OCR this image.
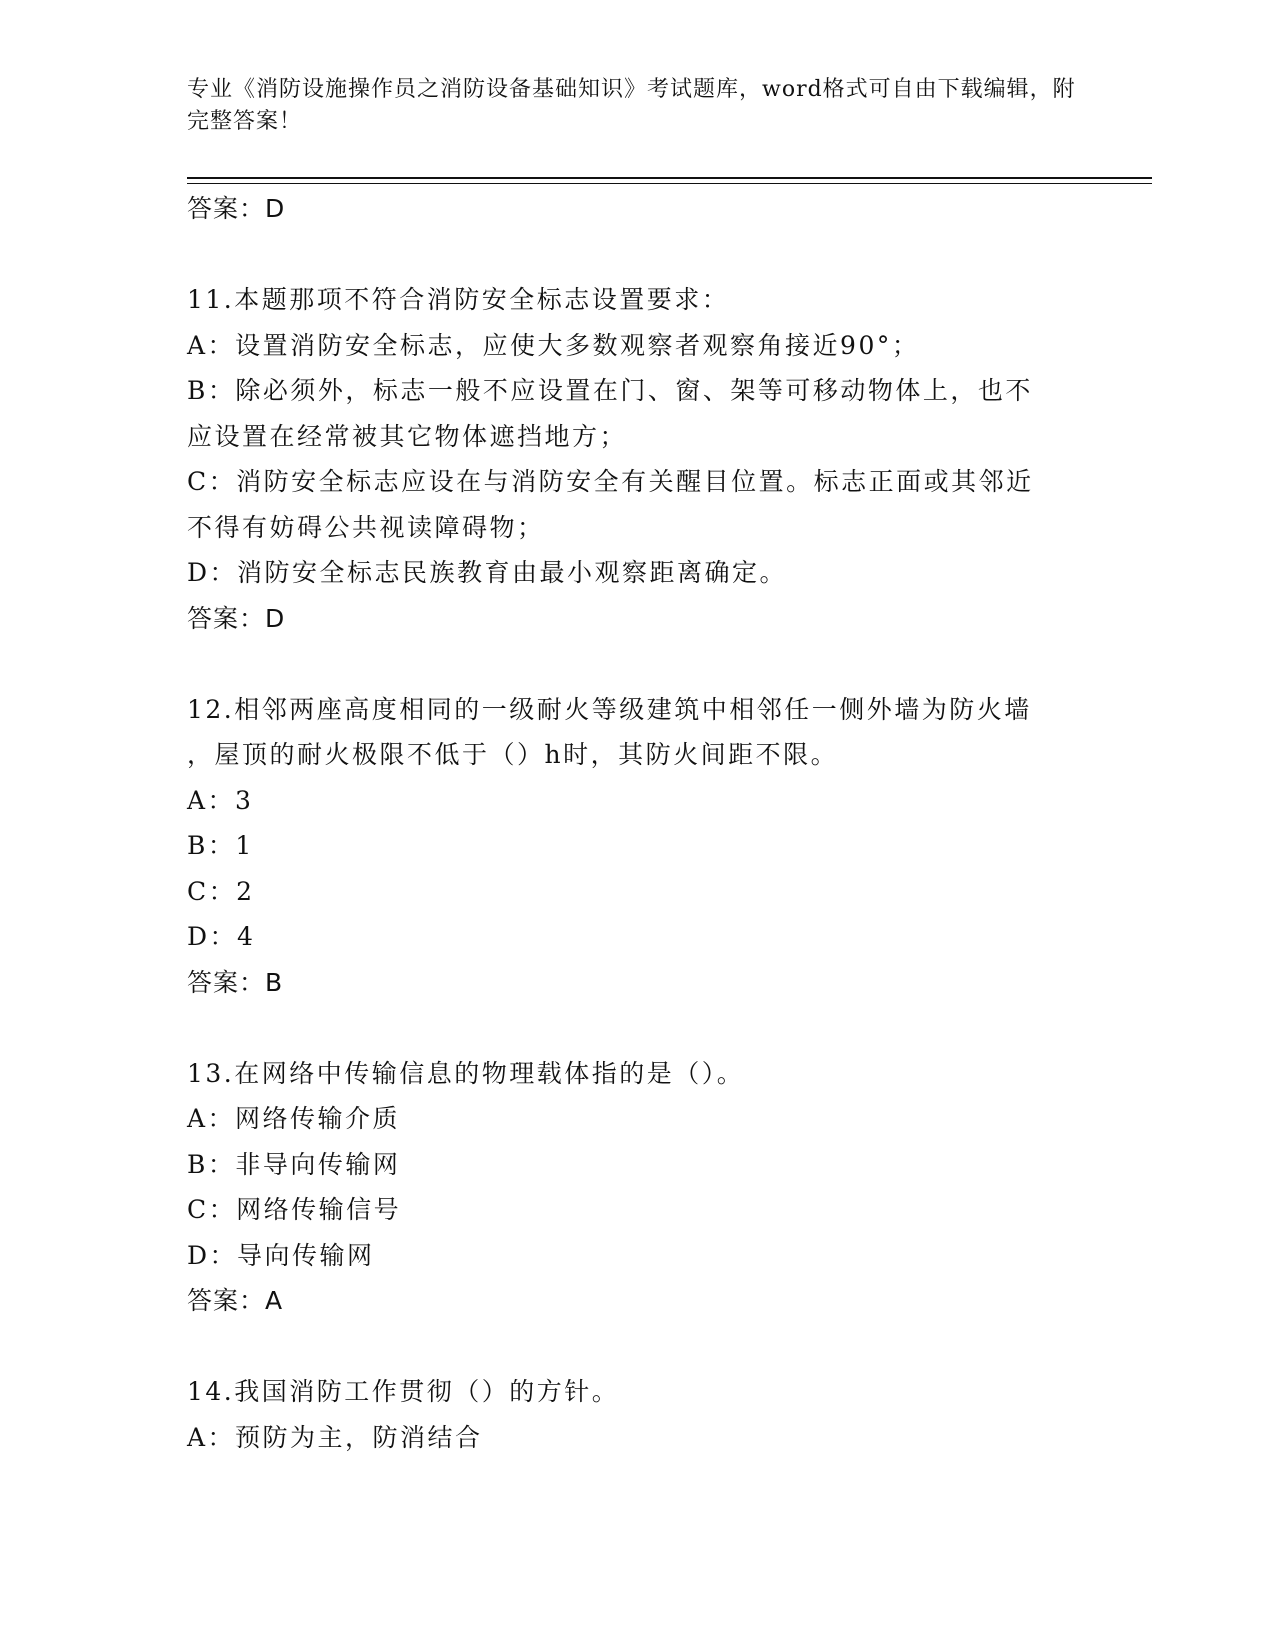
专业《消防设施操作员之消防设备基础知识》考试题库，word格式可自由下载编辑，附完整答案！
答案：D
11.本题那项不符合消防安全标志设置要求：
A：设置消防安全标志，应使大多数观察者观察角接近90°；
B：除必须外，标志一般不应设置在门、窗、架等可移动物体上，也不
应设置在经常被其它物体遮挡地方；
C：消防安全标志应设在与消防安全有关醒目位置。标志正面或其邻近
不得有妨碍公共视读障碍物；
D：消防安全标志民族教育由最小观察距离确定。
答案：D
12.相邻两座高度相同的一级耐火等级建筑中相邻任一侧外墙为防火墙
，屋顶的耐火极限不低于（）h时，其防火间距不限。
A：3
B：1
C：2
D：4
答案：B
13.在网络中传输信息的物理载体指的是（）。
A：网络传输介质
B：非导向传输网
C：网络传输信号
D：导向传输网
答案：A
14.我国消防工作贯彻（）的方针。
A：预防为主，防消结合
